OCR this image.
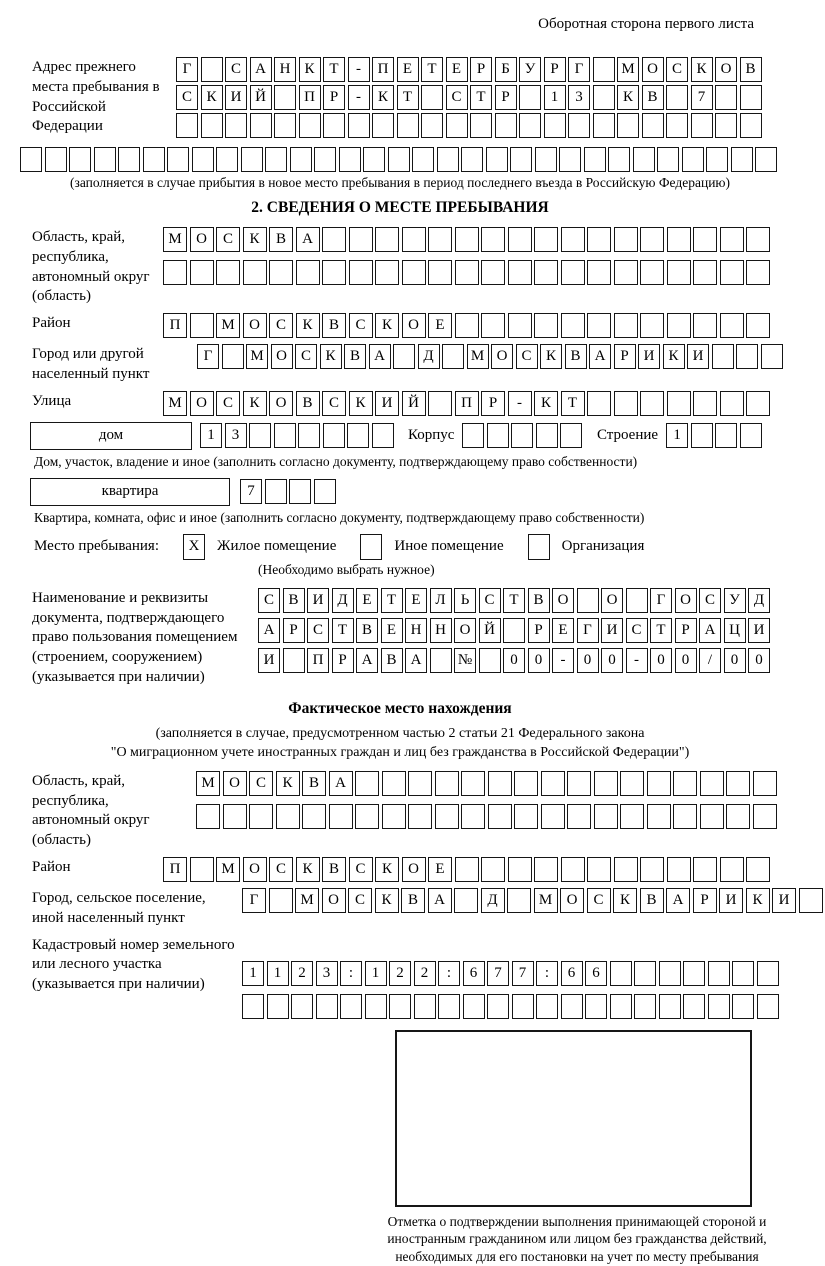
Оборотная сторона первого листа
Адрес прежнего места пребывания в Российской Федерации
Г	С А Н К Т	-	П Е	Т	Е	Р	Б У	Р	Г	М О С К О В
С К И Й	П Р	-	К Т	С Т	Р	1	3	К В	7
(заполняется в случае прибытия в новое место пребывания в период последнего въезда в Российскую Федерацию)
2. СВЕДЕНИЯ О МЕСТЕ ПРЕБЫВАНИЯ
Область, край, республика, автономный округ (область)
М О	С	К	В	А
Район	П	М О	С	К	В	С	К	О	Е
Город или другой населенный пункт
Г	М О С К В А	Д	М О С К В А Р И К И
Улица	М О	С	К	О	В	С	К	И	Й	П	Р	-	К	Т
дом	1	3	Корпус	Строение	1
Дом, участок, владение и иное (заполнить согласно документу, подтверждающему право собственности)
квартира	7
Квартира, комната, офис и иное (заполнить согласно документу, подтверждающему право собственности)
Место пребывания:	X	Жилое помещение	Иное помещение	Организация
(Необходимо выбрать нужное)
Наименование и реквизиты документа, подтверждающего право пользования помещением (строением, сооружением) (указывается при наличии)
С В И Д Е	Т	Е Л	Ь	С Т В О	О	Г О С У Д
А Р	С Т В Е Н Н О Й	Р	Е	Г И С Т	Р А Ц И
И	П Р А В А	№	0	0	-	0	0	-	0	0	/	0	0
Фактическое место нахождения
(заполняется в случае, предусмотренном частью 2 статьи 21 Федерального закона
"О миграционном учете иностранных граждан и лиц без гражданства в Российской Федерации")
Область, край, республика, автономный округ (область)
М О	С	К	В	А
Район	П	М О	С	К	В	С	К	О	Е
Город, сельское поселение, иной населенный пункт
Г	М О	С	К	В	А	Д	М О	С	К	В	А	Р	И	К	И
Кадастровый номер земельного или лесного участка (указывается при наличии)
1	1	2	3	:	1	2	2	:	6	7	7	:	6	6
Отметка о подтверждении выполнения принимающей стороной и иностранным гражданином или лицом без гражданства действий, необходимых для его постановки на учет по месту пребывания
